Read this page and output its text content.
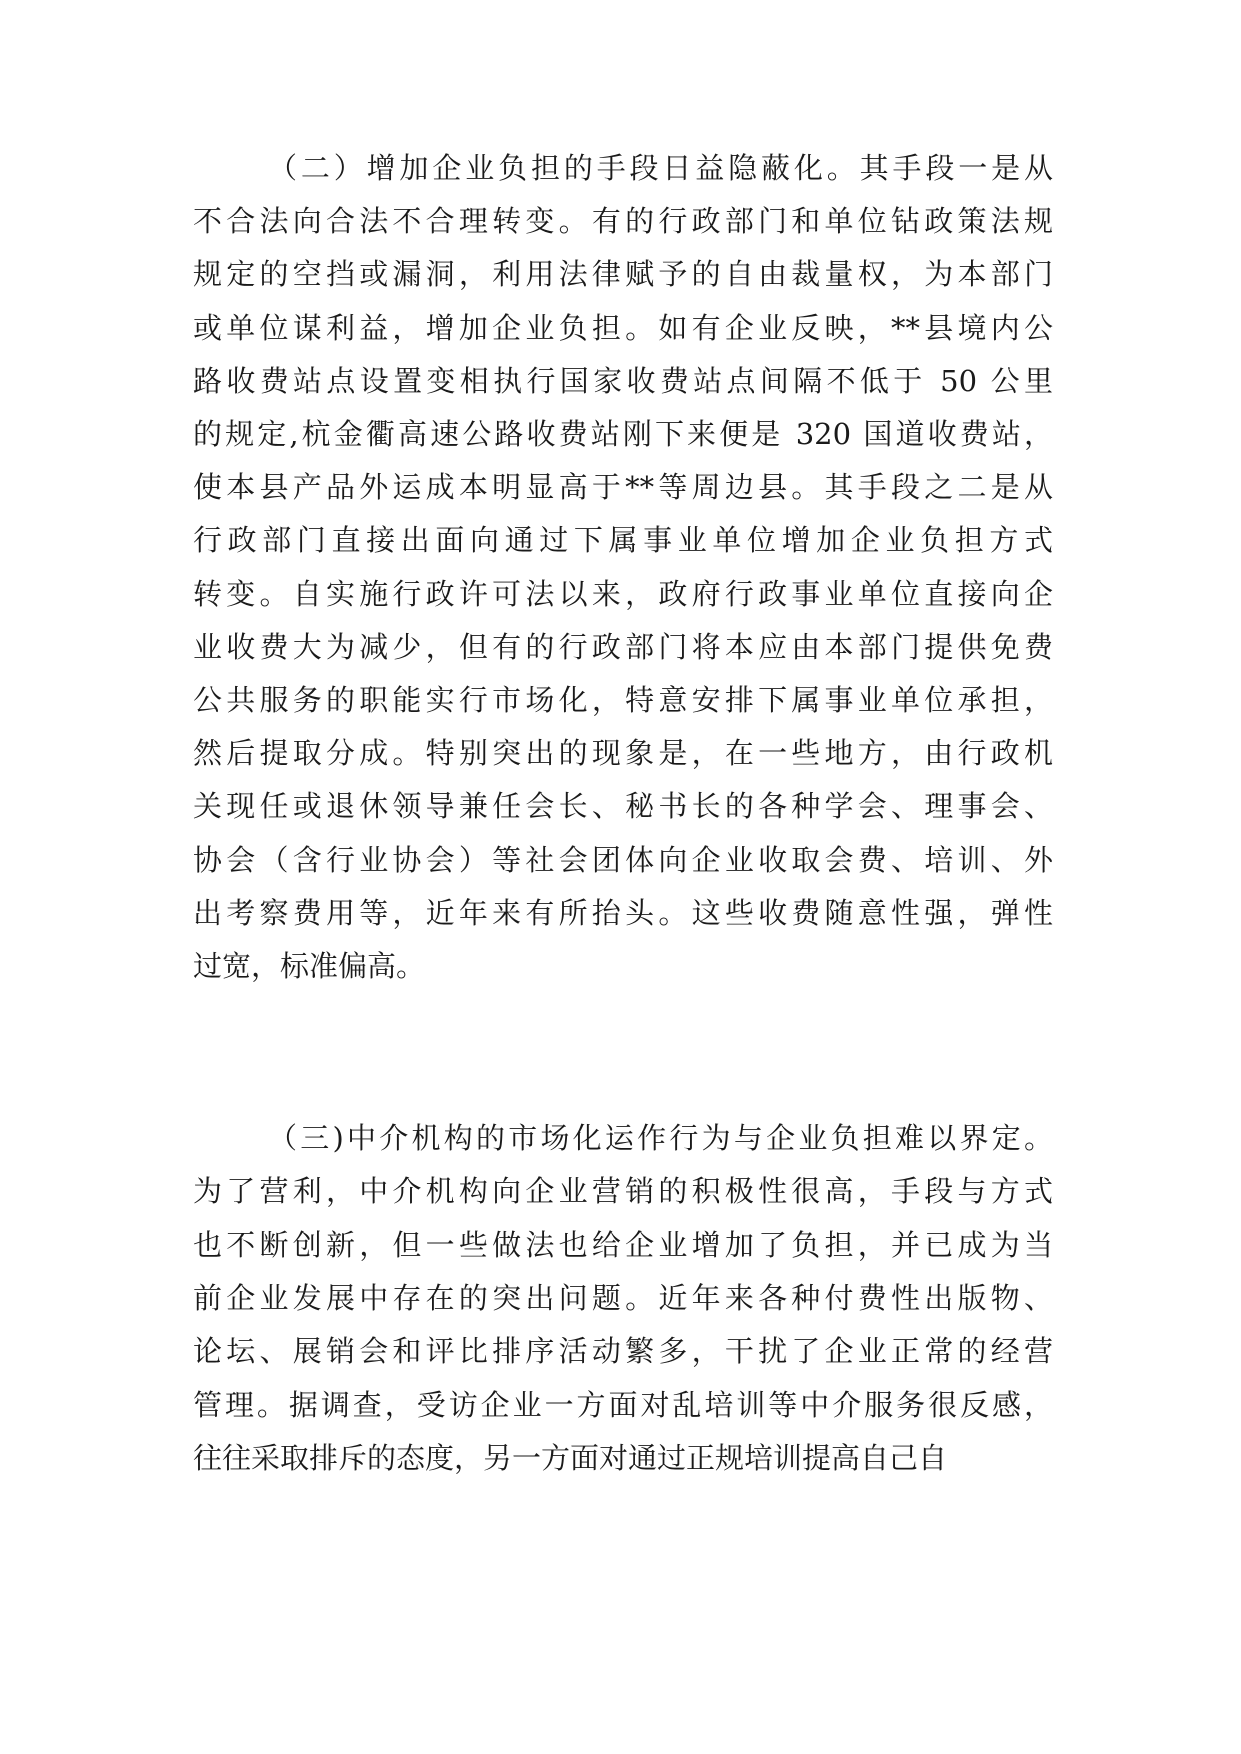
（二）增加企业负担的手段日益隐蔽化。其手段一是从
不合法向合法不合理转变。有的行政部门和单位钻政策法规
规定的空挡或漏洞，利用法律赋予的自由裁量权，为本部门
或单位谋利益，增加企业负担。如有企业反映，**县境内公
路收费站点设置变相执行国家收费站点间隔不低于 50 公里
的规定,杭金衢高速公路收费站刚下来便是 320 国道收费站，
使本县产品外运成本明显高于**等周边县。其手段之二是从
行政部门直接出面向通过下属事业单位增加企业负担方式
转变。自实施行政许可法以来，政府行政事业单位直接向企
业收费大为减少，但有的行政部门将本应由本部门提供免费
公共服务的职能实行市场化，特意安排下属事业单位承担，
然后提取分成。特别突出的现象是，在一些地方，由行政机
关现任或退休领导兼任会长、秘书长的各种学会、理事会、
协会（含行业协会）等社会团体向企业收取会费、培训、外
出考察费用等，近年来有所抬头。这些收费随意性强，弹性
过宽，标准偏高。
（三)中介机构的市场化运作行为与企业负担难以界定。
为了营利，中介机构向企业营销的积极性很高，手段与方式
也不断创新，但一些做法也给企业增加了负担，并已成为当
前企业发展中存在的突出问题。近年来各种付费性出版物、
论坛、展销会和评比排序活动繁多，干扰了企业正常的经营
管理。据调查，受访企业一方面对乱培训等中介服务很反感，
往往采取排斥的态度，另一方面对通过正规培训提高自己自
